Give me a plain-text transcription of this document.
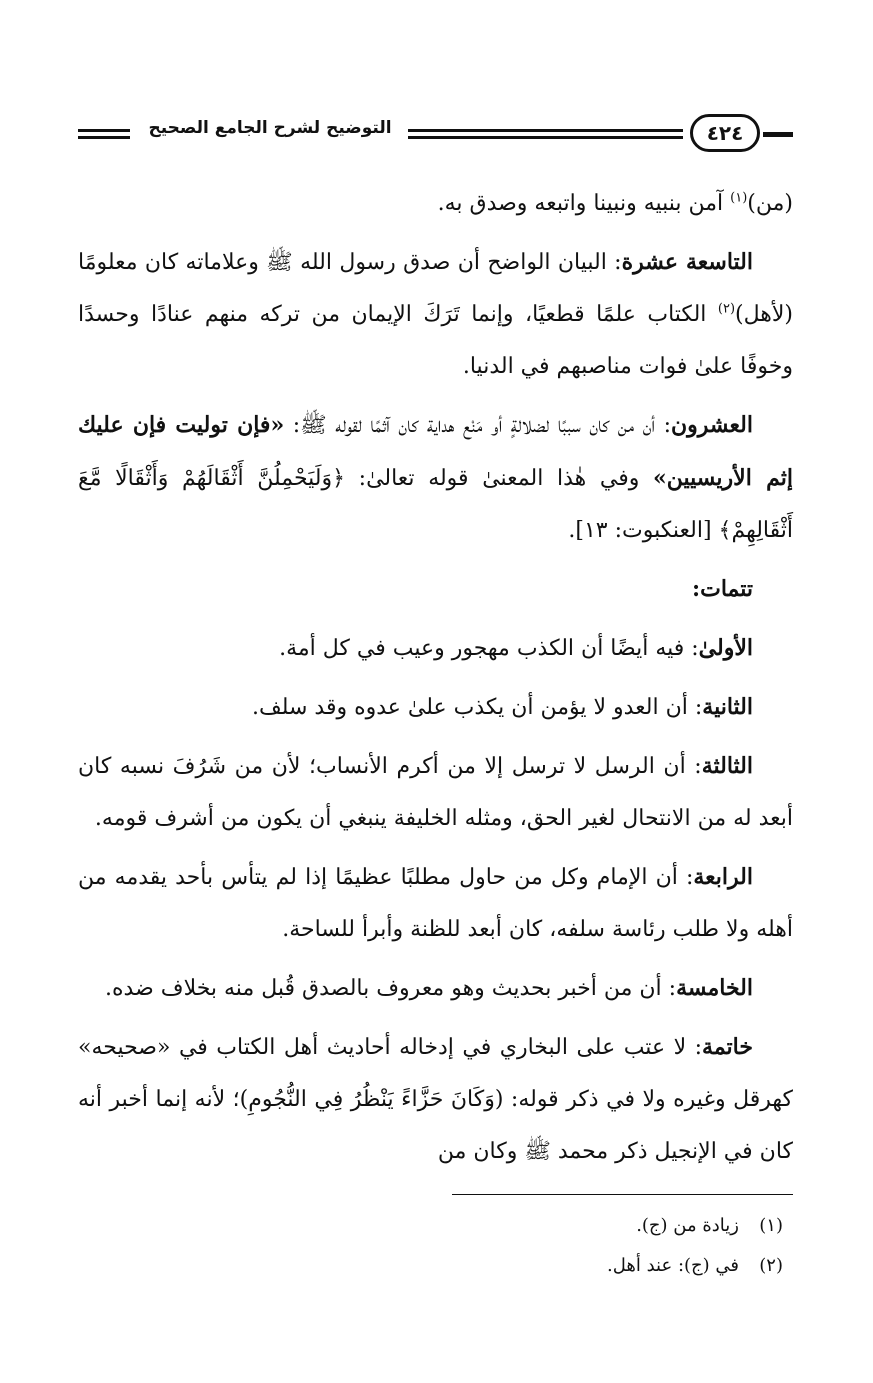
التوضيح لشرح الجامع الصحيح	٤٢٤

(من)$^{(١)}$ آمن بنبيه ونبينا واتبعه وصدق به.

التاسعة عشرة: البيان الواضح أن صدق رسول الله ﷺ وعلاماته كان معلومًا (لأهل)$^{(٢)}$ الكتاب علمًا قطعيًا، وإنما تَرَكَ الإيمان من تركه منهم عنادًا وحسدًا وخوفًا علىٰ فوات مناصبهم في الدنيا.

العشرون: أن من كان سببًا لضلالةٍ أو مَنْع هداية كان آثمًا لقوله ﷺ: «فإن توليت فإن عليك إثم الأريسيين» وفي هٰذا المعنىٰ قوله تعالىٰ: ﴿وَلَيَحْمِلُنَّ أَثْقَالَهُمْ وَأَثْقَالًا مَّعَ أَثْقَالِهِمْ﴾ [العنكبوت: ١٣].

تتمات:

الأولىٰ: فيه أيضًا أن الكذب مهجور وعيب في كل أمة.

الثانية: أن العدو لا يؤمن أن يكذب علىٰ عدوه وقد سلف.

الثالثة: أن الرسل لا ترسل إلا من أكرم الأنساب؛ لأن من شَرُفَ نسبه كان أبعد له من الانتحال لغير الحق، ومثله الخليفة ينبغي أن يكون من أشرف قومه.

الرابعة: أن الإمام وكل من حاول مطلبًا عظيمًا إذا لم يتأس بأحد يقدمه من أهله ولا طلب رئاسة سلفه، كان أبعد للظنة وأبرأ للساحة.

الخامسة: أن من أخبر بحديث وهو معروف بالصدق قُبل منه بخلاف ضده.

خاتمة: لا عتب على البخاري في إدخاله أحاديث أهل الكتاب في «صحيحه» كهرقل وغيره ولا في ذكر قوله: (وَكَانَ حَزَّاءً يَنْظُرُ فِي النُّجُومِ)؛ لأنه إنما أخبر أنه كان في الإنجيل ذكر محمد ﷺ وكان من

(١)زيادة من (ج).
(٢)في (ج): عند أهل.
